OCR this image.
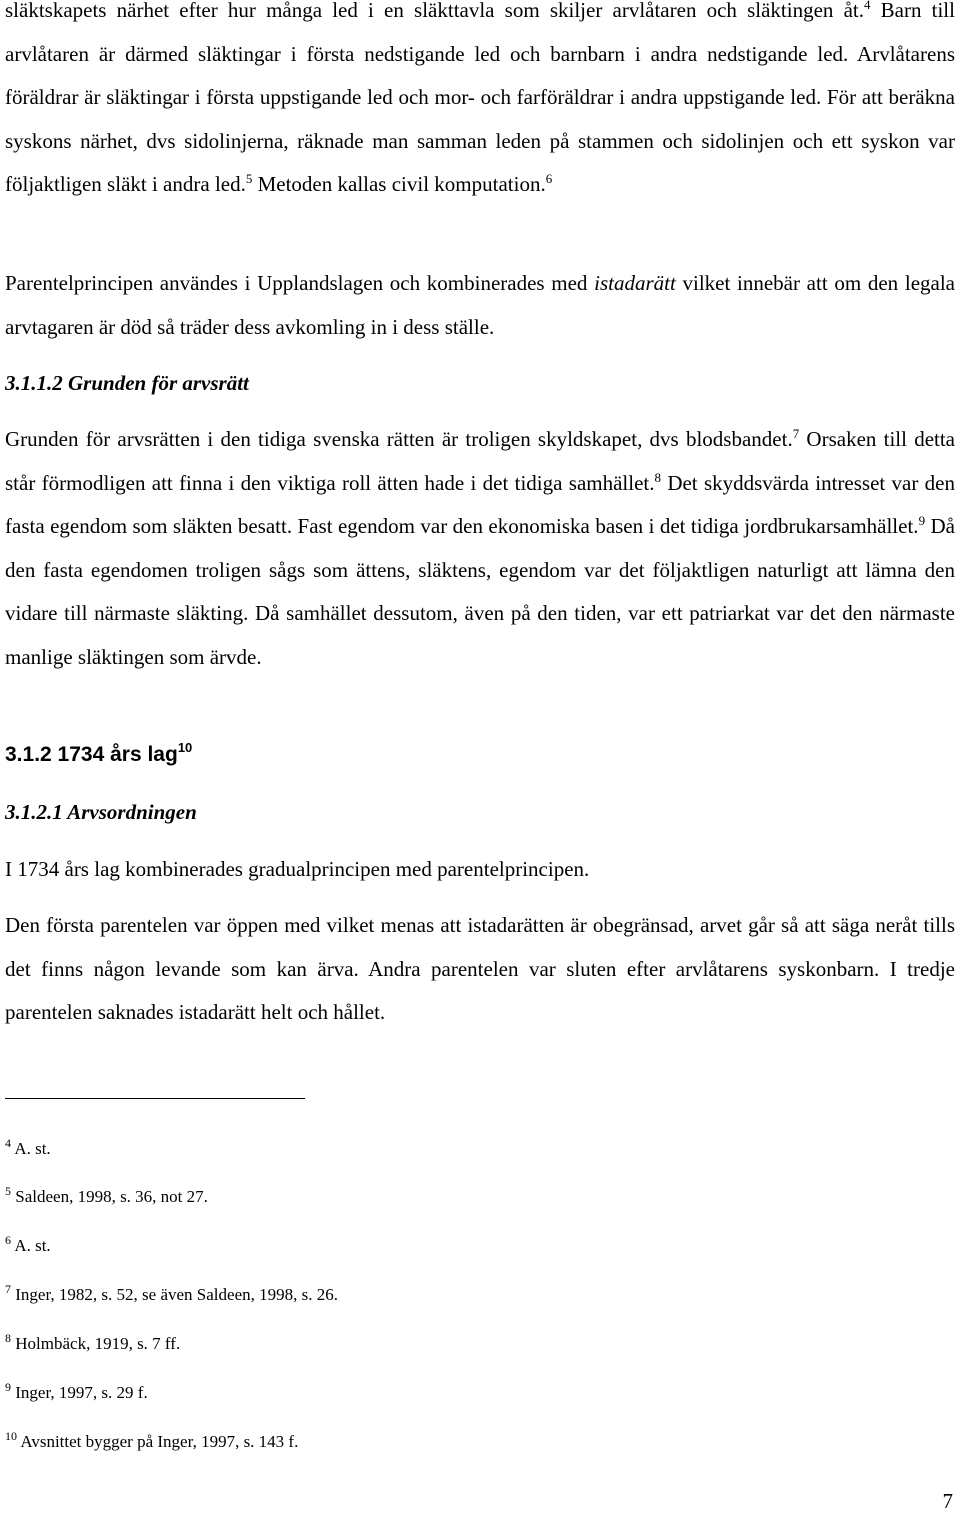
släktskapets närhet efter hur många led i en släkttavla som skiljer arvlåtaren och släktingen åt.$^4$ Barn till arvlåtaren är därmed släktingar i första nedstigande led och barnbarn i andra nedstigande led. Arvlåtarens föräldrar är släktingar i första uppstigande led och mor- och farföräldrar i andra uppstigande led. För att beräkna syskons närhet, dvs sidolinjerna, räknade man samman leden på stammen och sidolinjen och ett syskon var följaktligen släkt i andra led.$^5$ Metoden kallas civil komputation.$^6$

Parentelprincipen användes i Upplandslagen och kombinerades med istadarätt vilket innebär att om den legala arvtagaren är död så träder dess avkomling in i dess ställe.

3.1.1.2 Grunden för arvsrätt

Grunden för arvsrätten i den tidiga svenska rätten är troligen skyldskapet, dvs blodsbandet.$^7$ Orsaken till detta står förmodligen att finna i den viktiga roll ätten hade i det tidiga samhället.$^8$ Det skyddsvärda intresset var den fasta egendom som släkten besatt. Fast egendom var den ekonomiska basen i det tidiga jordbrukarsamhället.$^9$ Då den fasta egendomen troligen sågs som ättens, släktens, egendom var det följaktligen naturligt att lämna den vidare till närmaste släkting. Då samhället dessutom, även på den tiden, var ett patriarkat var det den närmaste manlige släktingen som ärvde.

3.1.2 1734 års lag$^{10}$
3.1.2.1 Arvsordningen

I 1734 års lag kombinerades gradualprincipen med parentelprincipen.

Den första parentelen var öppen med vilket menas att istadarätten är obegränsad, arvet går så att säga neråt tills det finns någon levande som kan ärva. Andra parentelen var sluten efter arvlåtarens syskonbarn. I tredje parentelen saknades istadarätt helt och hållet.

$^4$ A. st.

$^5$ Saldeen, 1998, s. 36, not 27.

$^6$ A. st.

$^7$ Inger, 1982, s. 52, se även Saldeen, 1998, s. 26.

$^8$ Holmbäck, 1919, s. 7 ff.

$^9$ Inger, 1997, s. 29 f.

$^{10}$ Avsnittet bygger på Inger, 1997, s. 143 f.

7
